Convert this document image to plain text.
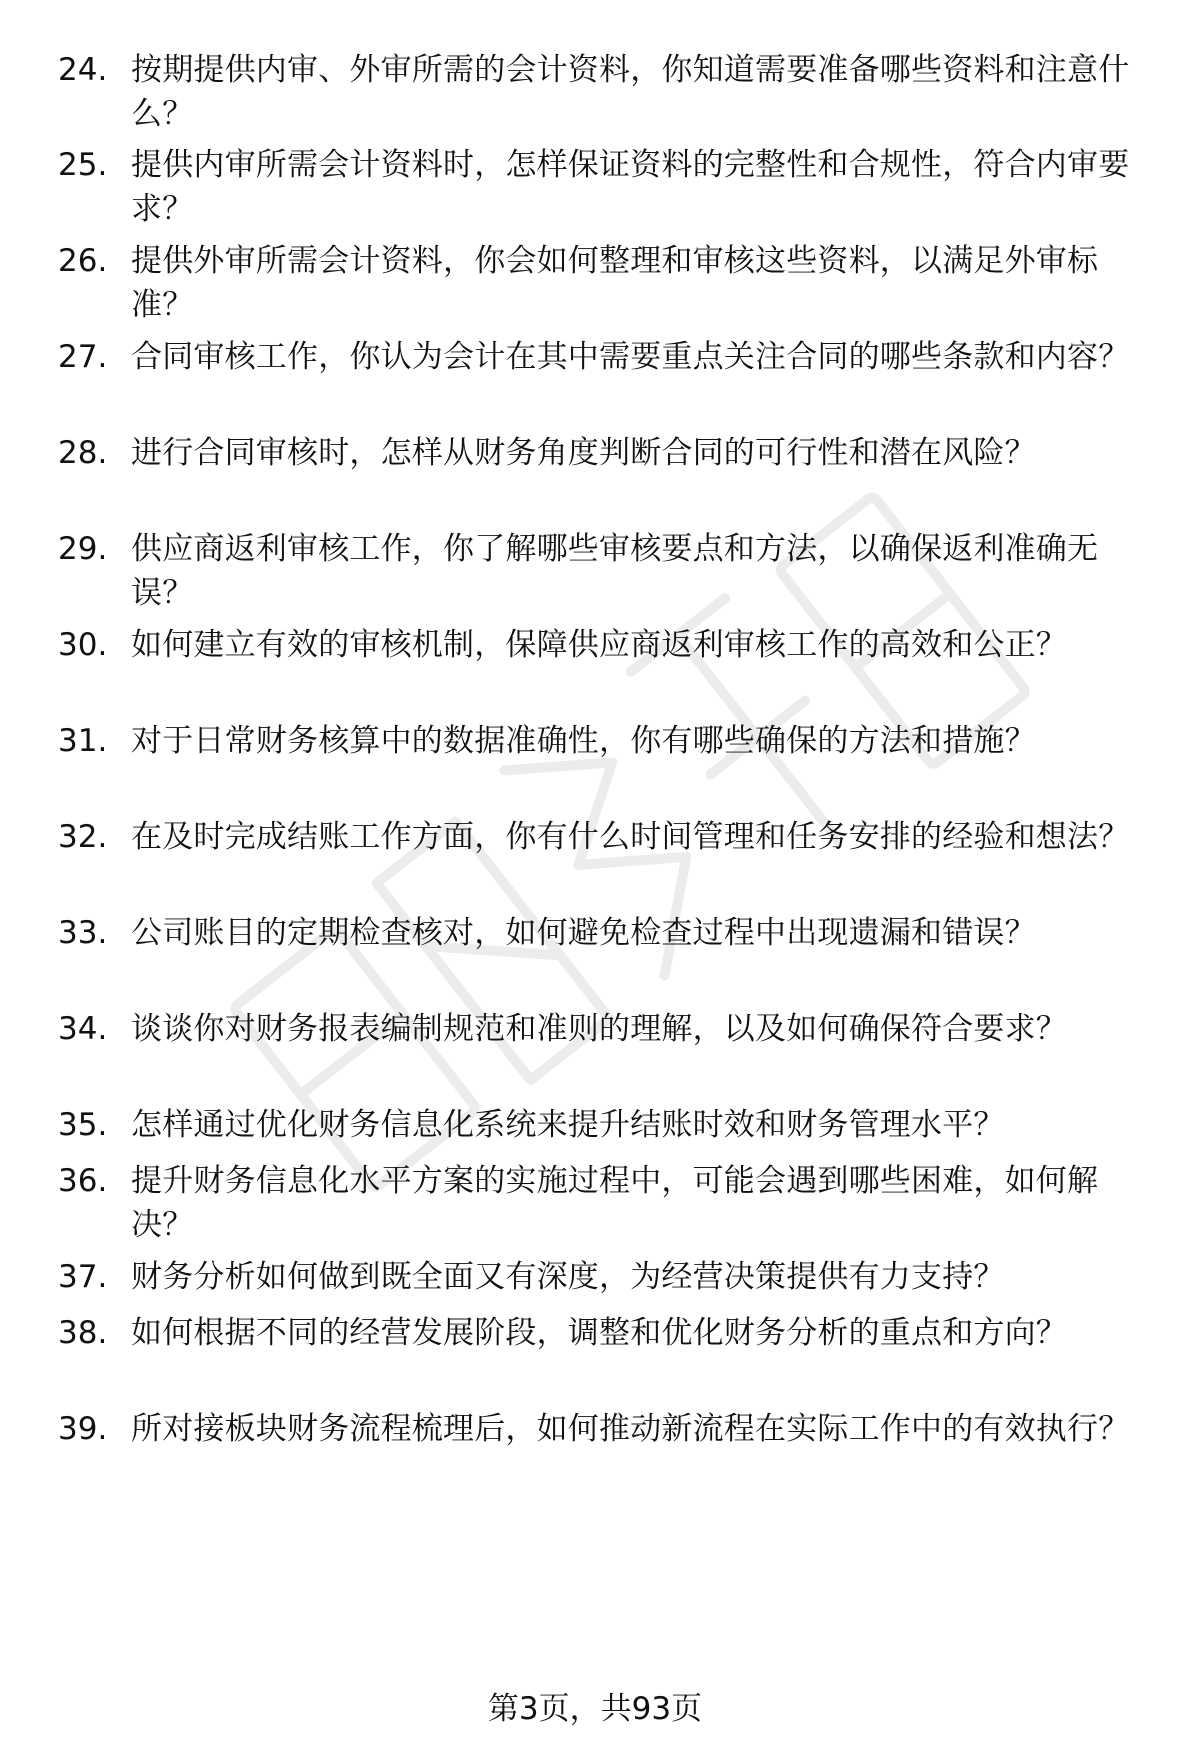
24. 按期提供内审、外审所需的会计资料，你知道需要准备哪些资料和注意什么？
25. 提供内审所需会计资料时，怎样保证资料的完整性和合规性，符合内审要求？
26. 提供外审所需会计资料，你会如何整理和审核这些资料，以满足外审标准？
27. 合同审核工作，你认为会计在其中需要重点关注合同的哪些条款和内容？
28. 进行合同审核时，怎样从财务角度判断合同的可行性和潜在风险？
29. 供应商返利审核工作，你了解哪些审核要点和方法，以确保返利准确无误？
30. 如何建立有效的审核机制，保障供应商返利审核工作的高效和公正？
31. 对于日常财务核算中的数据准确性，你有哪些确保的方法和措施？
32. 在及时完成结账工作方面，你有什么时间管理和任务安排的经验和想法？
33. 公司账目的定期检查核对，如何避免检查过程中出现遗漏和错误？
34. 谈谈你对财务报表编制规范和准则的理解，以及如何确保符合要求？
35. 怎样通过优化财务信息化系统来提升结账时效和财务管理水平？
36. 提升财务信息化水平方案的实施过程中，可能会遇到哪些困难，如何解决？
37. 财务分析如何做到既全面又有深度，为经营决策提供有力支持？
38. 如何根据不同的经营发展阶段，调整和优化财务分析的重点和方向？
39. 所对接板块财务流程梳理后，如何推动新流程在实际工作中的有效执行？
第3页，共93页
